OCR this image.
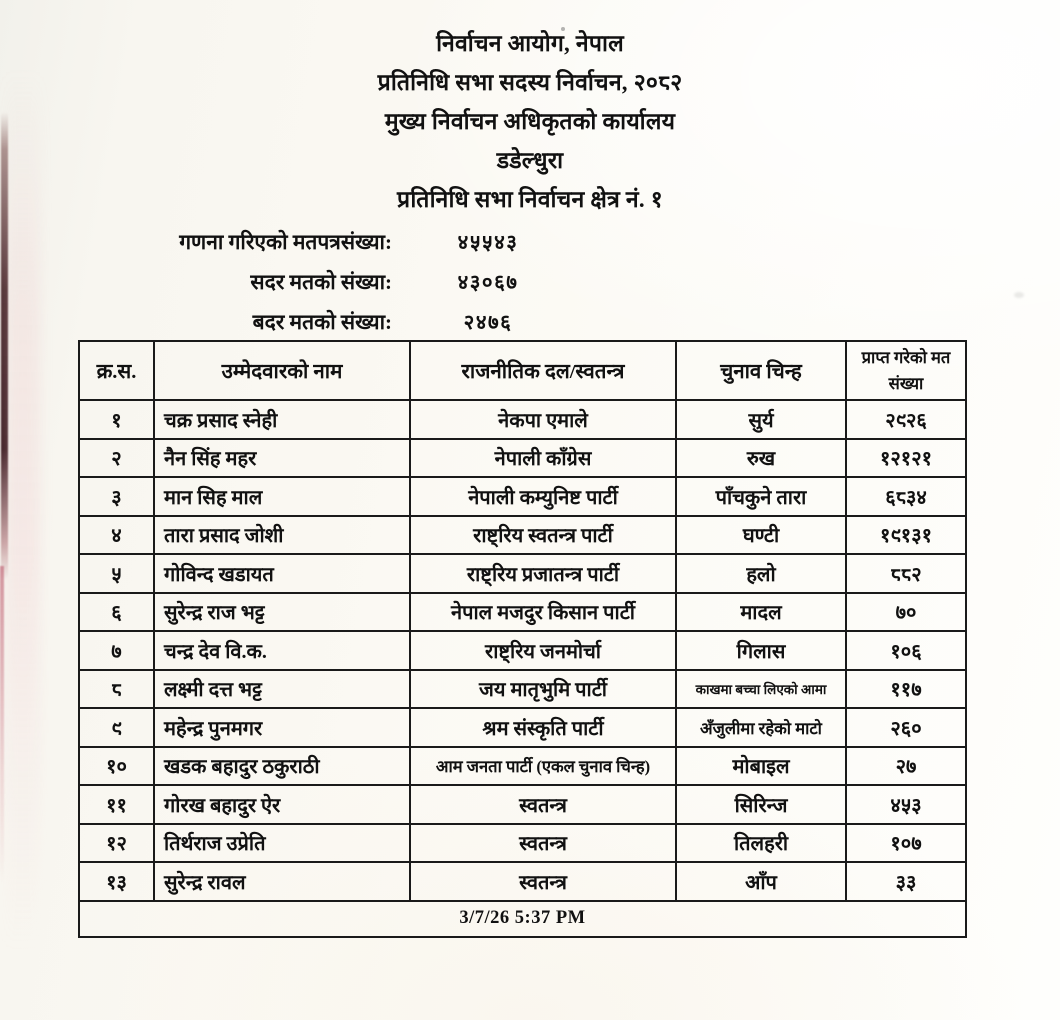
निर्वाचन आयोग, नेपाल
प्रतिनिधि सभा सदस्य निर्वाचन, २०८२
मुख्य निर्वाचन अधिकृतको कार्यालय
डडेल्धुरा
प्रतिनिधि सभा निर्वाचन क्षेत्र नं. १
गणना गरिएको मतपत्रसंख्या:	४५५४३
सदर मतको संख्या:	४३०६७
बदर मतको संख्या:	२४७६
क्र.स.	उम्मेदवारको नाम	राजनीतिक दल/स्वतन्त्र	चुनाव चिन्ह	प्राप्त गरेको मत संख्या
१	चक्र प्रसाद स्नेही	नेकपा एमाले	सुर्य	२९२६
२	नैन सिंह महर	नेपाली काँग्रेस	रुख	१२१२१
३	मान सिह माल	नेपाली कम्युनिष्ट पार्टी	पाँचकुने तारा	६८३४
४	तारा प्रसाद जोशी	राष्ट्रिय स्वतन्त्र पार्टी	घण्टी	१९१३१
५	गोविन्द खडायत	राष्ट्रिय प्रजातन्त्र पार्टी	हलो	८८२
६	सुरेन्द्र राज भट्ट	नेपाल मजदुर किसान पार्टी	मादल	७०
७	चन्द्र देव वि.क.	राष्ट्रिय जनमोर्चा	गिलास	१०६
८	लक्ष्मी दत्त भट्ट	जय मातृभुमि पार्टी	काखमा बच्चा लिएको आमा	११७
९	महेन्द्र पुनमगर	श्रम संस्कृति पार्टी	अँजुलीमा रहेको माटो	२६०
१०	खडक बहादुर ठकुराठी	आम जनता पार्टी (एकल चुनाव चिन्ह)	मोबाइल	२७
११	गोरख बहादुर ऐर	स्वतन्त्र	सिरिन्ज	४५३
१२	तिर्थराज उप्रेति	स्वतन्त्र	तिलहरी	१०७
१३	सुरेन्द्र रावल	स्वतन्त्र	आँप	३३
3/7/26 5:37 PM				
